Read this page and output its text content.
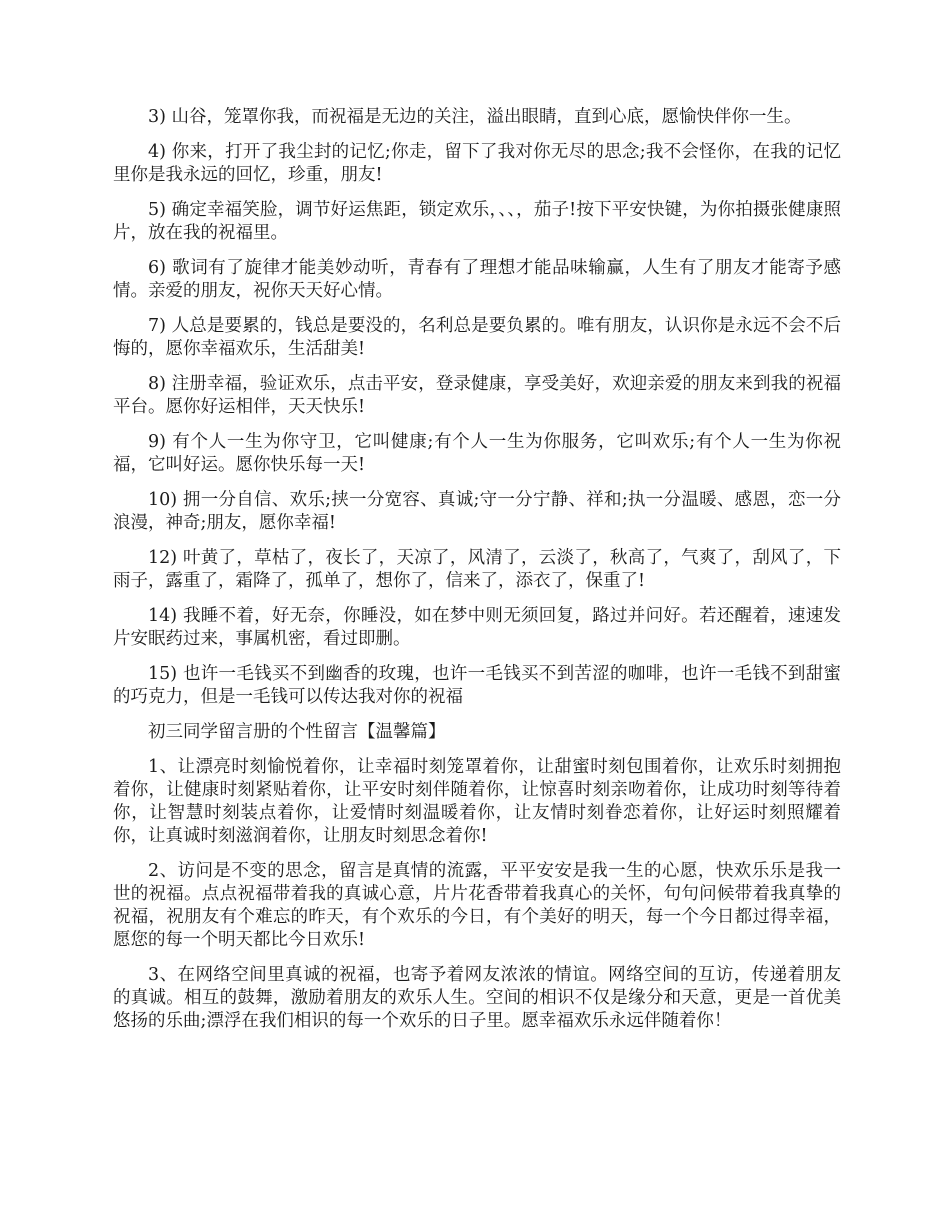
3) 山谷，笼罩你我，而祝福是无边的关注，溢出眼睛，直到心底，愿愉快伴你一生。

4) 你来，打开了我尘封的记忆;你走，留下了我对你无尽的思念;我不会怪你，在我的记忆里你是我永远的回忆，珍重，朋友!

5) 确定幸福笑脸，调节好运焦距，锁定欢乐，、、，茄子!按下平安快键，为你拍摄张健康照片，放在我的祝福里。

6) 歌词有了旋律才能美妙动听，青春有了理想才能品味输赢，人生有了朋友才能寄予感情。亲爱的朋友，祝你天天好心情。

7) 人总是要累的，钱总是要没的，名利总是要负累的。唯有朋友，认识你是永远不会不后悔的，愿你幸福欢乐，生活甜美!

8) 注册幸福，验证欢乐，点击平安，登录健康，享受美好，欢迎亲爱的朋友来到我的祝福平台。愿你好运相伴，天天快乐!

9) 有个人一生为你守卫，它叫健康;有个人一生为你服务，它叫欢乐;有个人一生为你祝福，它叫好运。愿你快乐每一天!

10) 拥一分自信、欢乐;挟一分宽容、真诚;守一分宁静、祥和;执一分温暖、感恩，恋一分浪漫，神奇;朋友，愿你幸福!

12) 叶黄了，草枯了，夜长了，天凉了，风清了，云淡了，秋高了，气爽了，刮风了，下雨子，露重了，霜降了，孤单了，想你了，信来了，添衣了，保重了!

14) 我睡不着，好无奈，你睡没，如在梦中则无须回复，路过并问好。若还醒着，速速发片安眠药过来，事属机密，看过即删。

15) 也许一毛钱买不到幽香的玫瑰，也许一毛钱买不到苦涩的咖啡，也许一毛钱不到甜蜜的巧克力，但是一毛钱可以传达我对你的祝福

初三同学留言册的个性留言【温馨篇】

1、让漂亮时刻愉悦着你，让幸福时刻笼罩着你，让甜蜜时刻包围着你，让欢乐时刻拥抱着你，让健康时刻紧贴着你，让平安时刻伴随着你，让惊喜时刻亲吻着你，让成功时刻等待着你，让智慧时刻装点着你，让爱情时刻温暖着你，让友情时刻眷恋着你，让好运时刻照耀着你，让真诚时刻滋润着你，让朋友时刻思念着你!

2、访问是不变的思念，留言是真情的流露，平平安安是我一生的心愿，快欢乐乐是我一世的祝福。点点祝福带着我的真诚心意，片片花香带着我真心的关怀，句句问候带着我真挚的祝福，祝朋友有个难忘的昨天，有个欢乐的今日，有个美好的明天，每一个今日都过得幸福，愿您的每一个明天都比今日欢乐!

3、在网络空间里真诚的祝福，也寄予着网友浓浓的情谊。网络空间的互访，传递着朋友的真诚。相互的鼓舞，激励着朋友的欢乐人生。空间的相识不仅是缘分和天意，更是一首优美悠扬的乐曲;漂浮在我们相识的每一个欢乐的日子里。愿幸福欢乐永远伴随着你！
